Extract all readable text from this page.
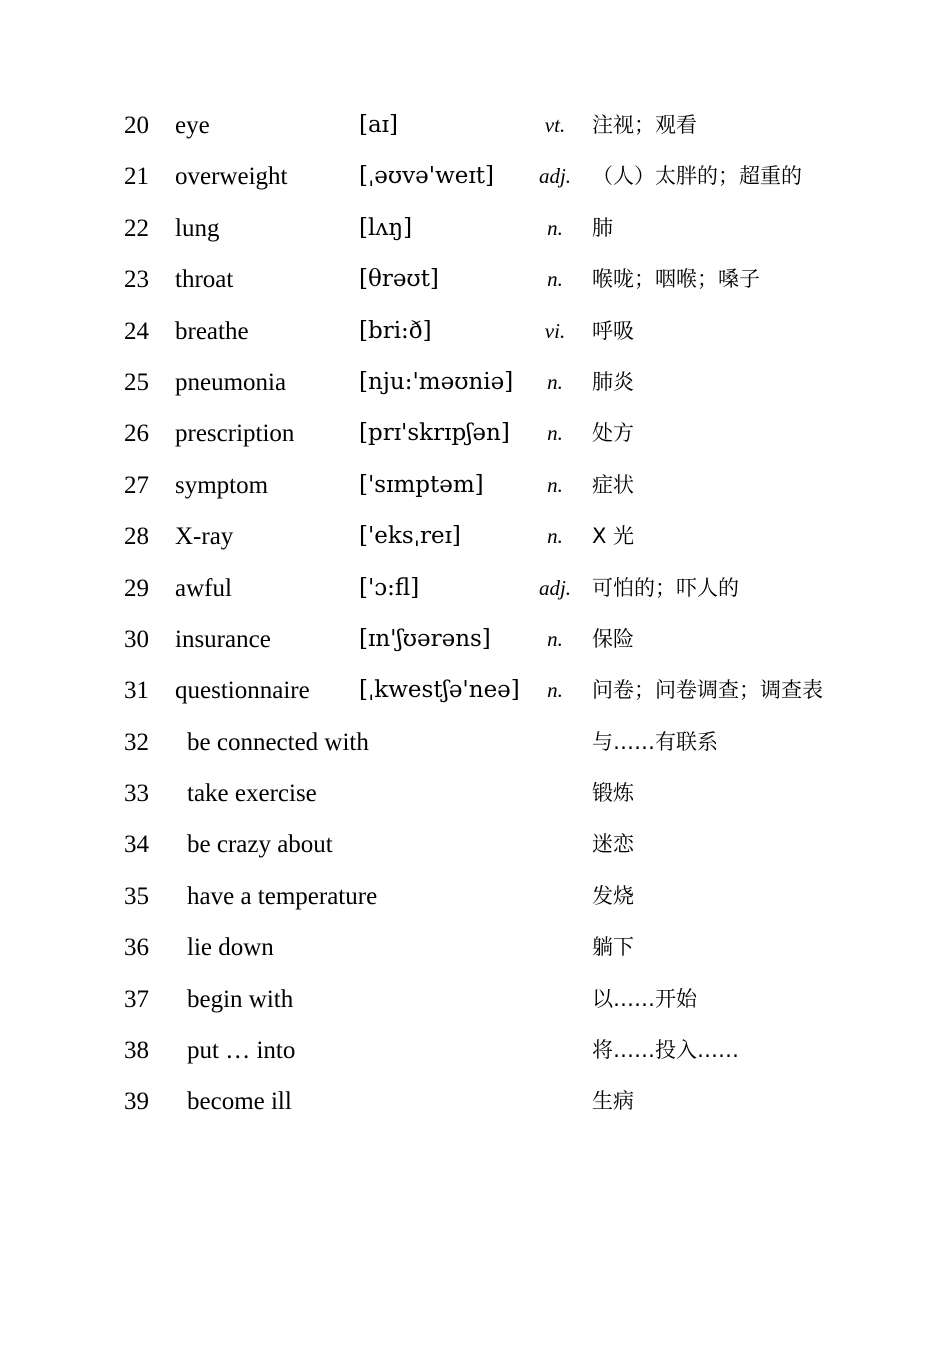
20 eye	[aɪ]	vt.	注视；观看
21 overweight	[ˌəʊvə'weɪt]	adj. （人）太胖的；超重的
22 lung	[lʌŋ]	n.	肺
23 throat	[θrəʊt]	n.	喉咙；咽喉；嗓子
24 breathe	[bri:ð]	vi.	呼吸
25 pneumonia	[nju:'məʊniə]	n.	肺炎
26 prescription	[prɪ'skrɪpʃən]	n.	处方
27 symptom	['sɪmptəm]	n.	症状
28 X-ray	['eksˌreɪ]	n.	X 光
29 awful	['ɔ:fl]	adj. 可怕的；吓人的
30 insurance	[ɪn'ʃʊərəns]	n.	保险
31 questionnaire [ˌkwestʃə'neə]	n.	问卷；问卷调查；调查表
32 be connected with	与……有联系
33 take exercise	锻炼
34 be crazy about	迷恋
35 have a temperature	发烧
36 lie down	躺下
37 begin with	以……开始
38 put … into	将……投入……
39 become ill	生病
